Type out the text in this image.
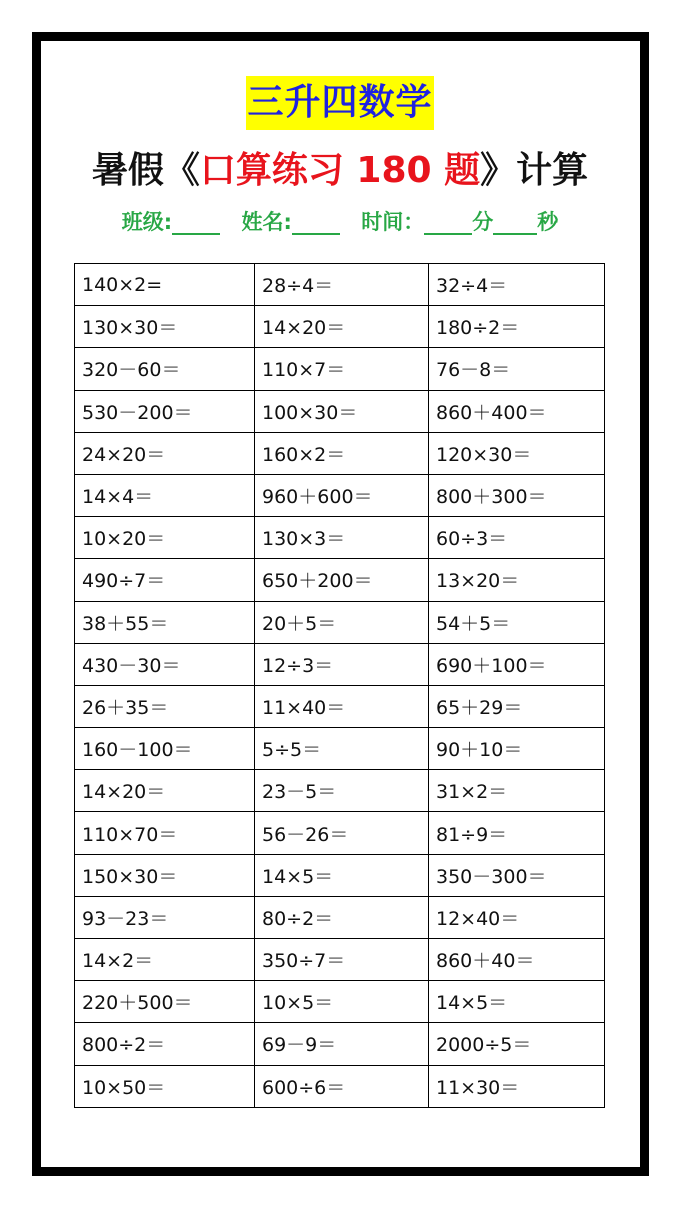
三升四数学
暑假《口算练习 180 题》计算
班级:	姓名:	时间： 分 秒
140×2=	28÷4＝	32÷4＝
130×30＝	14×20＝	180÷2＝
320－60＝	110×7＝	76－8＝
530－200＝	100×30＝	860＋400＝
24×20＝	160×2＝	120×30＝
14×4＝	960＋600＝	800＋300＝
10×20＝	130×3＝	60÷3＝
490÷7＝	650＋200＝	13×20＝
38＋55＝	20＋5＝	54＋5＝
430－30＝	12÷3＝	690＋100＝
26＋35＝	11×40＝	65＋29＝
160－100＝	5÷5＝	90＋10＝
14×20＝	23－5＝	31×2＝
110×70＝	56－26＝	81÷9＝
150×30＝	14×5＝	350－300＝
93－23＝	80÷2＝	12×40＝
14×2＝	350÷7＝	860＋40＝
220＋500＝	10×5＝	14×5＝
800÷2＝	69－9＝	2000÷5＝
10×50＝	600÷6＝	11×30＝
